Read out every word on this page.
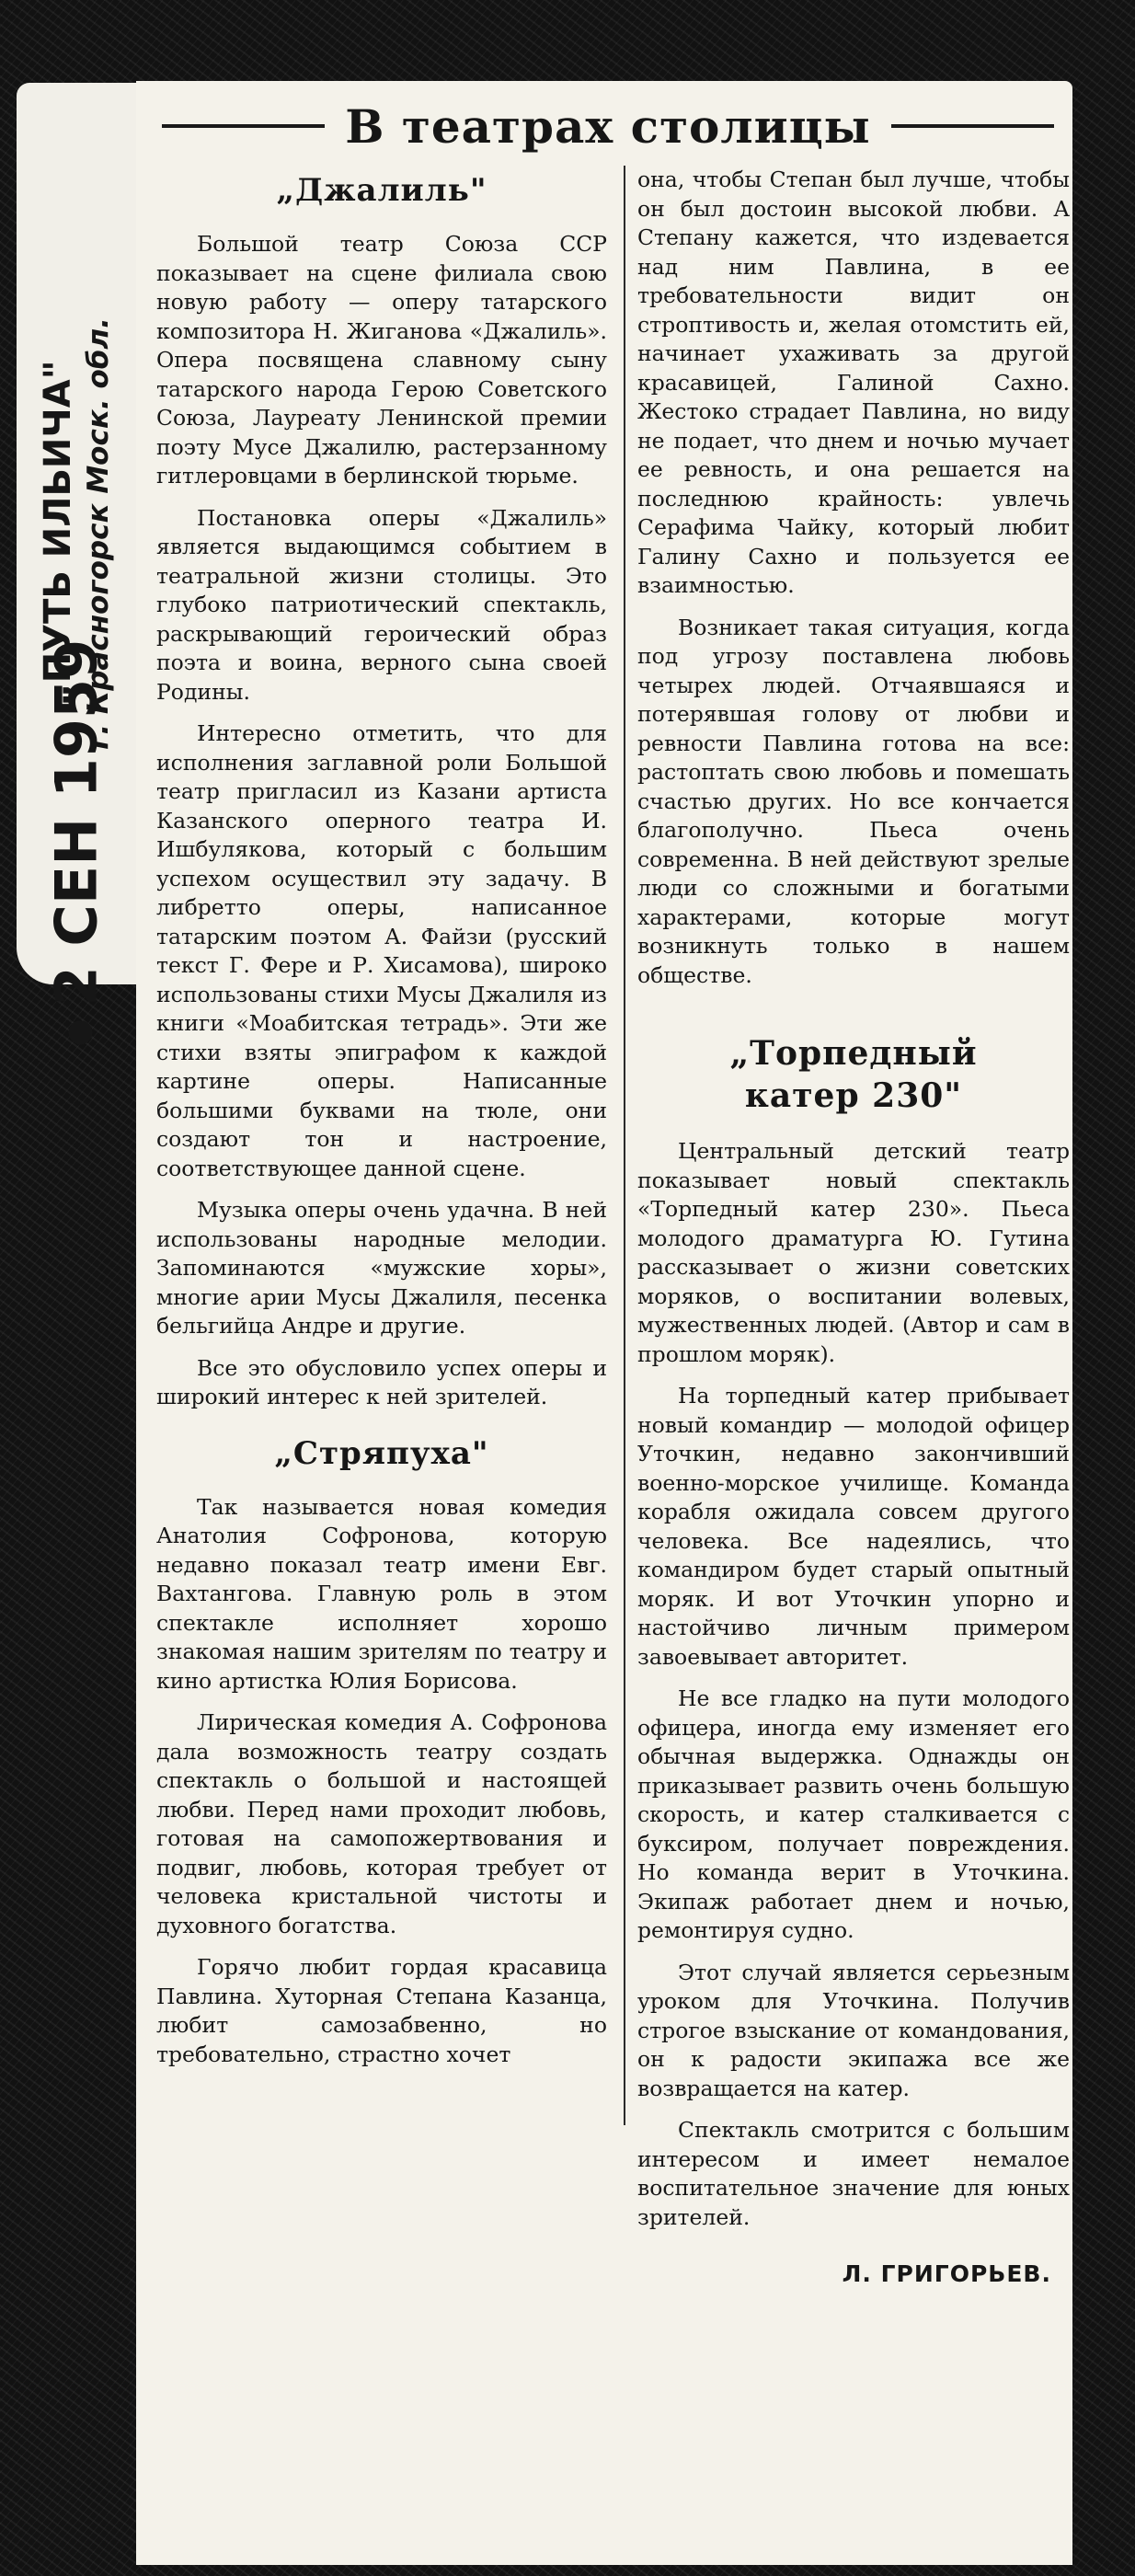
„ПУТЬ ИЛЬИЧА" г. Красногорск Моск. обл.
2 СЕН 1959
В театрах столицы
„Джалиль"

Большой театр Союза ССР показывает на сцене филиала свою новую работу — оперу татарского композитора Н. Жиганова «Джалиль». Опера посвящена славному сыну татарского народа Герою Советского Союза, Лауреату Ленинской премии поэту Мусе Джалилю, растерзанному гитлеровцами в берлинской тюрьме.

Постановка оперы «Джалиль» является выдающимся событием в театральной жизни столицы. Это глубоко патриотический спектакль, раскрывающий героический образ поэта и воина, верного сына своей Родины.

Интересно отметить, что для исполнения заглавной роли Большой театр пригласил из Казани артиста Казанского оперного театра И. Ишбулякова, который с большим успехом осуществил эту задачу. В либретто оперы, написанное татарским поэтом А. Файзи (русский текст Г. Фере и Р. Хисамова), широко использованы стихи Мусы Джалиля из книги «Моабитская тетрадь». Эти же стихи взяты эпиграфом к каждой картине оперы. Написанные большими буквами на тюле, они создают тон и настроение, соответствующее данной сцене.

Музыка оперы очень удачна. В ней использованы народные мелодии. Запоминаются «мужские хоры», многие арии Мусы Джалиля, песенка бельгийца Андре и другие.

Все это обусловило успех оперы и широкий интерес к ней зрителей.

„Стряпуха"

Так называется новая комедия Анатолия Софронова, которую недавно показал театр имени Евг. Вахтангова. Главную роль в этом спектакле исполняет хорошо знакомая нашим зрителям по театру и кино артистка Юлия Борисова.

Лирическая комедия А. Софронова дала возможность театру создать спектакль о большой и настоящей любви. Перед нами проходит любовь, готовая на самопожертвования и подвиг, любовь, которая требует от человека кристальной чистоты и духовного богатства.

Горячо любит гордая красавица Павлина. Хуторная Степана Казанца, любит самозабвенно, но требовательно, страстно хочет

она, чтобы Степан был лучше, чтобы он был достоин высокой любви. А Степану кажется, что издевается над ним Павлина, в ее требовательности видит он строптивость и, желая отомстить ей, начинает ухаживать за другой красавицей, Галиной Сахно. Жестоко страдает Павлина, но виду не подает, что днем и ночью мучает ее ревность, и она решается на последнюю крайность: увлечь Серафима Чайку, который любит Галину Сахно и пользуется ее взаимностью.

Возникает такая ситуация, когда под угрозу поставлена любовь четырех людей. Отчаявшаяся и потерявшая голову от любви и ревности Павлина готова на все: растоптать свою любовь и помешать счастью других. Но все кончается благополучно. Пьеса очень современна. В ней действуют зрелые люди со сложными и богатыми характерами, которые могут возникнуть только в нашем обществе.

„Торпедный
катер 230"

Центральный детский театр показывает новый спектакль «Торпедный катер 230». Пьеса молодого драматурга Ю. Гутина рассказывает о жизни советских моряков, о воспитании волевых, мужественных людей. (Автор и сам в прошлом моряк).

На торпедный катер прибывает новый командир — молодой офицер Уточкин, недавно закончивший военно-морское училище. Команда корабля ожидала совсем другого человека. Все надеялись, что командиром будет старый опытный моряк. И вот Уточкин упорно и настойчиво личным примером завоевывает авторитет.

Не все гладко на пути молодого офицера, иногда ему изменяет его обычная выдержка. Однажды он приказывает развить очень большую скорость, и катер сталкивается с буксиром, получает повреждения. Но команда верит в Уточкина. Экипаж работает днем и ночью, ремонтируя судно.

Этот случай является серьезным уроком для Уточкина. Получив строгое взыскание от командования, он к радости экипажа все же возвращается на катер.

Спектакль смотрится с большим интересом и имеет немалое воспитательное значение для юных зрителей.

Л. ГРИГОРЬЕВ.
